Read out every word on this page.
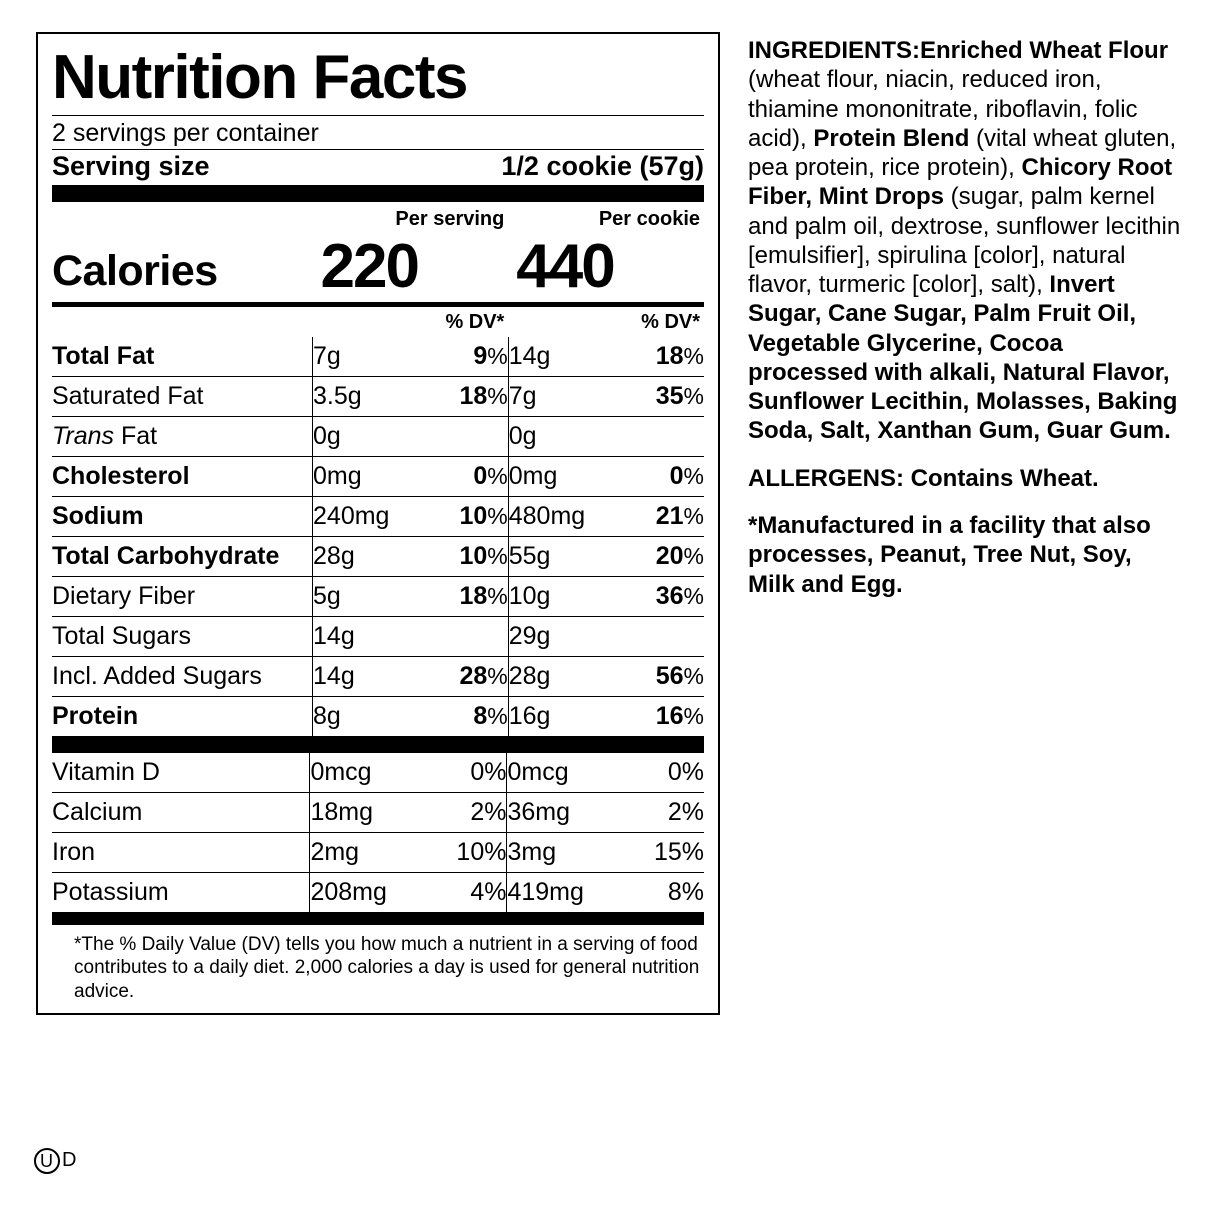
Nutrition Facts
2 servings per container
Serving size	1/2 cookie (57g)
Per serving	Per cookie
Calories	220	440
% DV*	% DV*
Total Fat	7g	9%	14g	18%
Saturated Fat	3.5g	18%	7g	35%
Trans Fat	0g		0g	
Cholesterol	0mg	0%	0mg	0%
Sodium	240mg	10%	480mg	21%
Total Carbohydrate	28g	10%	55g	20%
Dietary Fiber	5g	18%	10g	36%
Total Sugars	14g		29g	
Incl. Added Sugars	14g	28%	28g	56%
Protein	8g	8%	16g	16%
Vitamin D	0mcg	0%	0mcg	0%
Calcium	18mg	2%	36mg	2%
Iron	2mg	10%	3mg	15%
Potassium	208mg	4%	419mg	8%
*The % Daily Value (DV) tells you how much a nutrient in a serving of food contributes to a daily diet. 2,000 calories a day is used for general nutrition advice.
U D

INGREDIENTS:Enriched Wheat Flour (wheat flour, niacin, reduced iron, thiamine mononitrate, riboflavin, folic acid), Protein Blend (vital wheat gluten, pea protein, rice protein), Chicory Root Fiber, Mint Drops (sugar, palm kernel and palm oil, dextrose, sunflower lecithin [emulsifier], spirulina [color], natural flavor, turmeric [color], salt), Invert Sugar, Cane Sugar, Palm Fruit Oil, Vegetable Glycerine, Cocoa processed with alkali, Natural Flavor, Sunflower Lecithin, Molasses, Baking Soda, Salt, Xanthan Gum, Guar Gum.

ALLERGENS: Contains Wheat.

*Manufactured in a facility that also processes, Peanut, Tree Nut, Soy, Milk and Egg.
